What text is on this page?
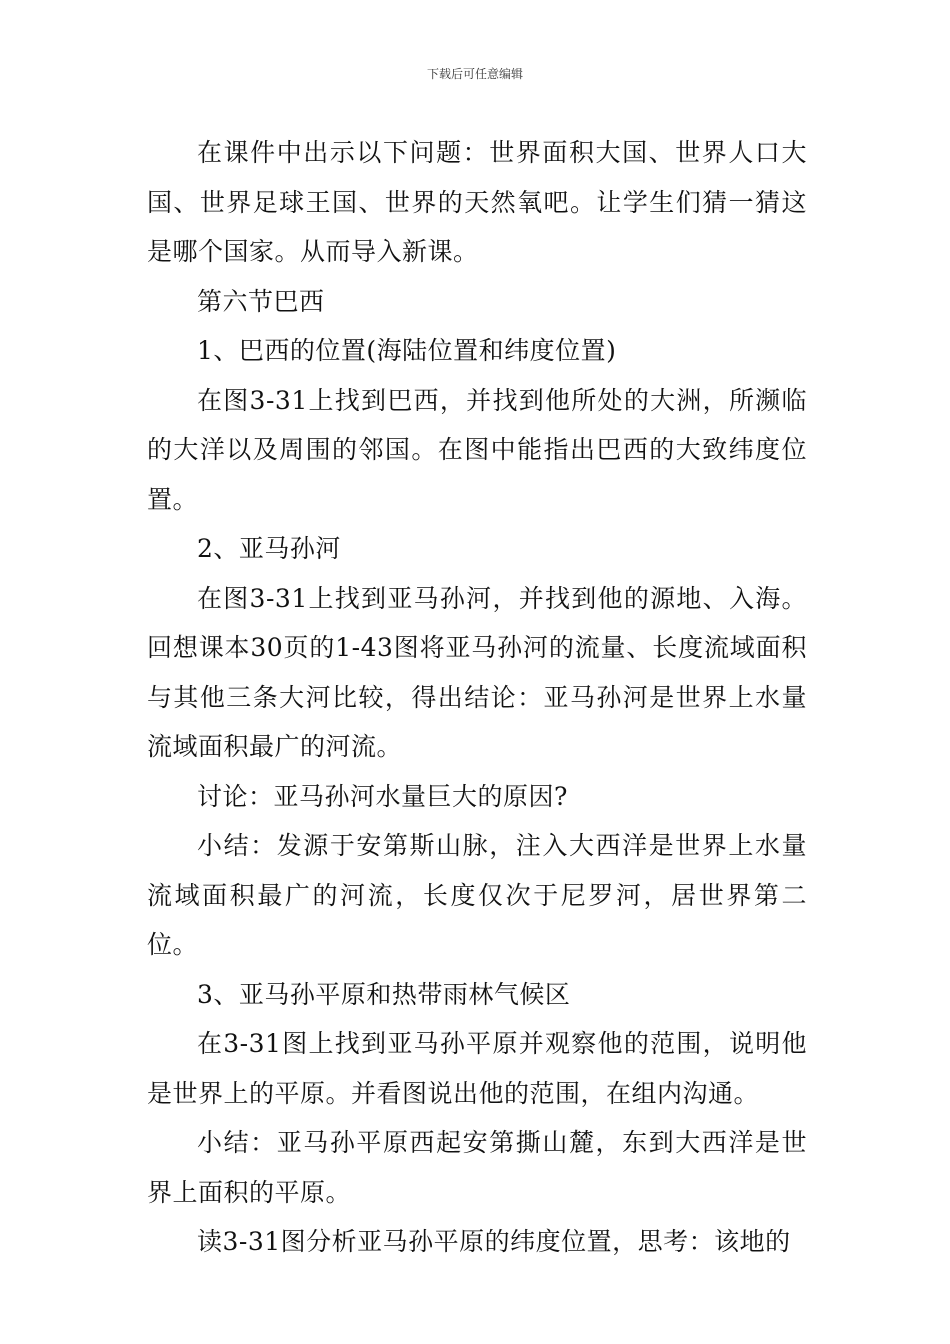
下载后可任意编辑

在课件中出示以下问题：世界面积大国、世界人口大国、世界足球王国、世界的天然氧吧。让学生们猜一猜这是哪个国家。从而导入新课。

第六节巴西

1、巴西的位置(海陆位置和纬度位置)

在图3-31上找到巴西，并找到他所处的大洲，所濒临的大洋以及周围的邻国。在图中能指出巴西的大致纬度位置。

2、亚马孙河

在图3-31上找到亚马孙河，并找到他的源地、入海。回想课本30页的1-43图将亚马孙河的流量、长度流域面积与其他三条大河比较，得出结论：亚马孙河是世界上水量流域面积最广的河流。

讨论：亚马孙河水量巨大的原因?

小结：发源于安第斯山脉，注入大西洋是世界上水量流域面积最广的河流，长度仅次于尼罗河，居世界第二位。

3、亚马孙平原和热带雨林气候区

在3-31图上找到亚马孙平原并观察他的范围，说明他是世界上的平原。并看图说出他的范围，在组内沟通。

小结：亚马孙平原西起安第撕山麓，东到大西洋是世界上面积的平原。

读3-31图分析亚马孙平原的纬度位置，思考：该地的
